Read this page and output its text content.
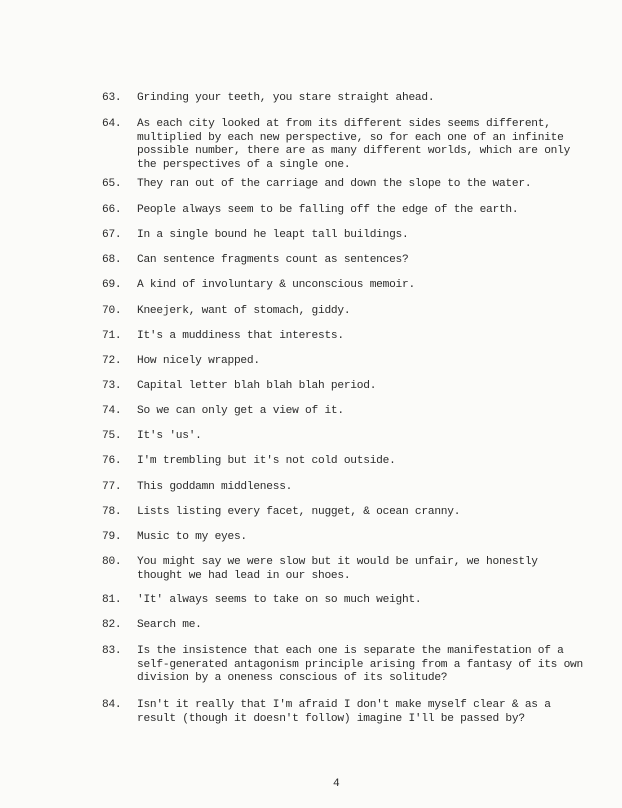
63.	Grinding your teeth, you stare straight ahead.
64.	As each city looked at from its different sides seems different,
multiplied by each new perspective, so for each one of an infinite
possible number, there are as many different worlds, which are only
the perspectives of a single one.
65.	They ran out of the carriage and down the slope to the water.
66.	People always seem to be falling off the edge of the earth.
67.	In a single bound he leapt tall buildings.
68.	Can sentence fragments count as sentences?
69.	A kind of involuntary & unconscious memoir.
70.	Kneejerk, want of stomach, giddy.
71.	It's a muddiness that interests.
72.	How nicely wrapped.
73.	Capital letter blah blah blah period.
74.	So we can only get a view of it.
75.	It's 'us'.
76.	I'm trembling but it's not cold outside.
77.	This goddamn middleness.
78.	Lists listing every facet, nugget, & ocean cranny.
79.	Music to my eyes.
80.	You might say we were slow but it would be unfair, we honestly
thought we had lead in our shoes.
81.	'It' always seems to take on so much weight.
82.	Search me.
83.	Is the insistence that each one is separate the manifestation of a
self-generated antagonism principle arising from a fantasy of its own
division by a oneness conscious of its solitude?
84.	Isn't it really that I'm afraid I don't make myself clear & as a
result (though it doesn't follow) imagine I'll be passed by?
4
